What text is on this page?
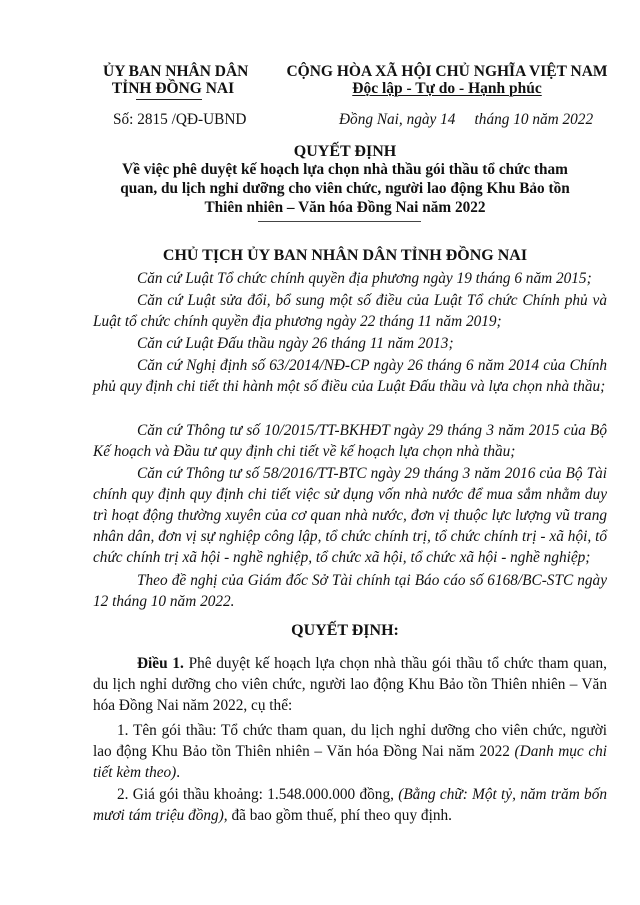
ỦY BAN NHÂN DÂN
TỈNH ĐỒNG NAI
Số: 2815 /QĐ-UBND
CỘNG HÒA XÃ HỘI CHỦ NGHĨA VIỆT NAM
Độc lập - Tự do - Hạnh phúc
Đồng Nai, ngày 14     tháng 10 năm 2022
QUYẾT ĐỊNH
Về việc phê duyệt kế hoạch lựa chọn nhà thầu gói thầu tổ chức tham
quan, du lịch nghỉ dưỡng cho viên chức, người lao động Khu Bảo tồn
Thiên nhiên – Văn hóa Đồng Nai năm 2022
CHỦ TỊCH ỦY BAN NHÂN DÂN TỈNH ĐỒNG NAI
Căn cứ Luật Tổ chức chính quyền địa phương ngày 19 tháng 6 năm 2015;
Căn cứ Luật sửa đổi, bổ sung một số điều của Luật Tổ chức Chính phủ và Luật tổ chức chính quyền địa phương ngày 22 tháng 11 năm 2019;
Căn cứ Luật Đấu thầu ngày 26 tháng 11 năm 2013;
Căn cứ Nghị định số 63/2014/NĐ-CP ngày 26 tháng 6 năm 2014 của Chính phủ quy định chi tiết thi hành một số điều của Luật Đấu thầu và lựa chọn nhà thầu;
Căn cứ Thông tư số 10/2015/TT-BKHĐT ngày 29 tháng 3 năm 2015 của Bộ Kế hoạch và Đầu tư quy định chi tiết về kế hoạch lựa chọn nhà thầu;
Căn cứ Thông tư số 58/2016/TT-BTC ngày 29 tháng 3 năm 2016 của Bộ Tài chính quy định quy định chi tiết việc sử dụng vốn nhà nước để mua sắm nhằm duy trì hoạt động thường xuyên của cơ quan nhà nước, đơn vị thuộc lực lượng vũ trang nhân dân, đơn vị sự nghiệp công lập, tổ chức chính trị, tổ chức chính trị - xã hội, tổ chức chính trị xã hội - nghề nghiệp, tổ chức xã hội, tổ chức xã hội - nghề nghiệp;
Theo đề nghị của Giám đốc Sở Tài chính tại Báo cáo số 6168/BC-STC ngày 12 tháng 10 năm 2022.
QUYẾT ĐỊNH:
Điều 1. Phê duyệt kế hoạch lựa chọn nhà thầu gói thầu tổ chức tham quan, du lịch nghỉ dưỡng cho viên chức, người lao động Khu Bảo tồn Thiên nhiên – Văn hóa Đồng Nai năm 2022, cụ thể:
1. Tên gói thầu: Tổ chức tham quan, du lịch nghỉ dưỡng cho viên chức, người lao động Khu Bảo tồn Thiên nhiên – Văn hóa Đồng Nai năm 2022 (Danh mục chi tiết kèm theo).
2. Giá gói thầu khoảng: 1.548.000.000 đồng, (Bằng chữ: Một tỷ, năm trăm bốn mươi tám triệu đồng), đã bao gồm thuế, phí theo quy định.
